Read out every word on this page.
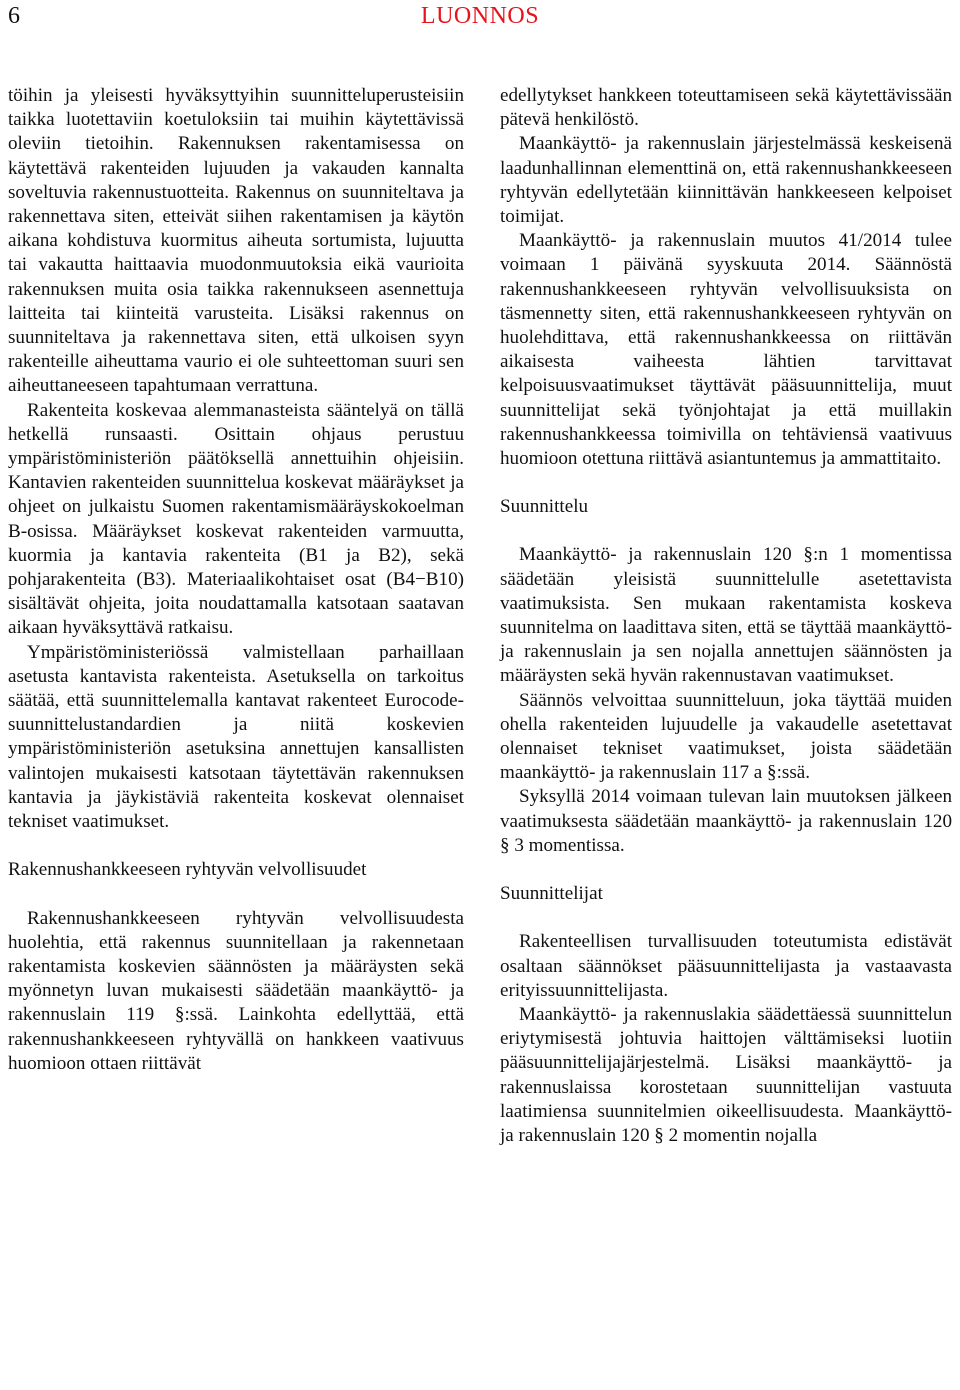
6	LUONNOS

töihin ja yleisesti hyväksyttyihin suunnitteluperusteisiin taikka luotettaviin koetuloksiin tai muihin käytettävissä oleviin tietoihin. Rakennuksen rakentamisessa on käytettävä rakenteiden lujuuden ja vakauden kannalta soveltuvia rakennustuotteita. Rakennus on suunniteltava ja rakennettava siten, etteivät siihen rakentamisen ja käytön aikana kohdistuva kuormitus aiheuta sortumista, lujuutta tai vakautta haittaavia muodonmuutoksia eikä vaurioita rakennuksen muita osia taikka rakennukseen asennettuja laitteita tai kiinteitä varusteita. Lisäksi rakennus on suunniteltava ja rakennettava siten, että ulkoisen syyn rakenteille aiheuttama vaurio ei ole suhteettoman suuri sen aiheuttaneeseen tapahtumaan verrattuna.

Rakenteita koskevaa alemmanasteista sääntelyä on tällä hetkellä runsaasti. Osittain ohjaus perustuu ympäristöministeriön päätöksellä annettuihin ohjeisiin. Kantavien rakenteiden suunnittelua koskevat määräykset ja ohjeet on julkaistu Suomen rakentamismääräyskokoelman B-osissa. Määräykset koskevat rakenteiden varmuutta, kuormia ja kantavia rakenteita (B1 ja B2), sekä pohjarakenteita (B3). Materiaalikohtaiset osat (B4−B10) sisältävät ohjeita, joita noudattamalla katsotaan saatavan aikaan hyväksyttävä ratkaisu.

Ympäristöministeriössä valmistellaan parhaillaan asetusta kantavista rakenteista. Asetuksella on tarkoitus säätää, että suunnittelemalla kantavat rakenteet Eurocode-suunnittelustandardien ja niitä koskevien ympäristöministeriön asetuksina annettujen kansallisten valintojen mukaisesti katsotaan täytettävän rakennuksen kantavia ja jäykistäviä rakenteita koskevat olennaiset tekniset vaatimukset.

Rakennushankkeeseen ryhtyvän velvollisuudet

Rakennushankkeeseen ryhtyvän velvollisuudesta huolehtia, että rakennus suunnitellaan ja rakennetaan rakentamista koskevien säännösten ja määräysten sekä myönnetyn luvan mukaisesti säädetään maankäyttö- ja rakennuslain 119 §:ssä. Lainkohta edellyttää, että rakennushankkeeseen ryhtyvällä on hankkeen vaativuus huomioon ottaen riittävät

edellytykset hankkeen toteuttamiseen sekä käytettävissään pätevä henkilöstö.

Maankäyttö- ja rakennuslain järjestelmässä keskeisenä laadunhallinnan elementtinä on, että rakennushankkeeseen ryhtyvän edellytetään kiinnittävän hankkeeseen kelpoiset toimijat.

Maankäyttö- ja rakennuslain muutos 41/2014 tulee voimaan 1 päivänä syyskuuta 2014. Säännöstä rakennushankkeeseen ryhtyvän velvollisuuksista on täsmennetty siten, että rakennushankkeeseen ryhtyvän on huolehdittava, että rakennushankkeessa on riittävän aikaisesta vaiheesta lähtien tarvittavat kelpoisuusvaatimukset täyttävät pääsuunnittelija, muut suunnittelijat sekä työnjohtajat ja että muillakin rakennushankkeessa toimivilla on tehtäviensä vaativuus huomioon otettuna riittävä asiantuntemus ja ammattitaito.

Suunnittelu

Maankäyttö- ja rakennuslain 120 §:n 1 momentissa säädetään yleisistä suunnittelulle asetettavista vaatimuksista. Sen mukaan rakentamista koskeva suunnitelma on laadittava siten, että se täyttää maankäyttö- ja rakennuslain ja sen nojalla annettujen säännösten ja määräysten sekä hyvän rakennustavan vaatimukset.

Säännös velvoittaa suunnitteluun, joka täyttää muiden ohella rakenteiden lujuudelle ja vakaudelle asetettavat olennaiset tekniset vaatimukset, joista säädetään maankäyttö- ja rakennuslain 117 a §:ssä.

Syksyllä 2014 voimaan tulevan lain muutoksen jälkeen vaatimuksesta säädetään maankäyttö- ja rakennuslain 120 § 3 momentissa.

Suunnittelijat

Rakenteellisen turvallisuuden toteutumista edistävät osaltaan säännökset pääsuunnittelijasta ja vastaavasta erityissuunnittelijasta.

Maankäyttö- ja rakennuslakia säädettäessä suunnittelun eriytymisestä johtuvia haittojen välttämiseksi luotiin pääsuunnittelijajärjestelmä. Lisäksi maankäyttö- ja rakennuslaissa korostetaan suunnittelijan vastuuta laatimiensa suunnitelmien oikeellisuudesta. Maankäyttö- ja rakennuslain 120 § 2 momentin nojalla
